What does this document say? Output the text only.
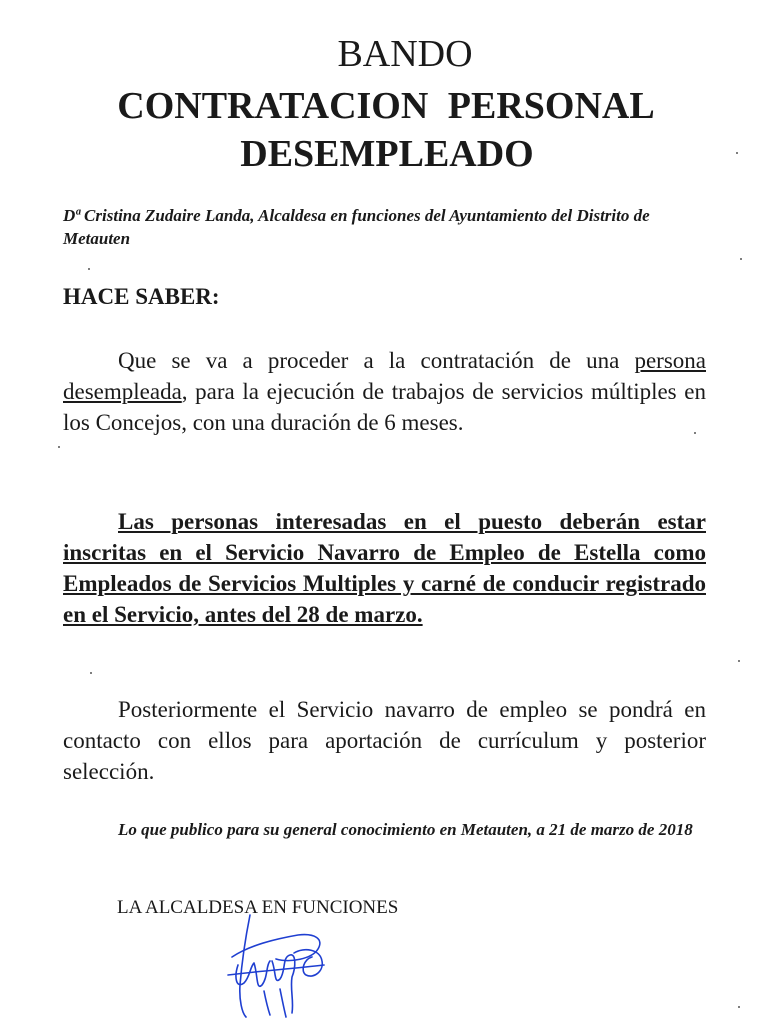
BANDO
CONTRATACION PERSONAL
DESEMPLEADO

Dª Cristina Zudaire Landa, Alcaldesa en funciones del Ayuntamiento del Distrito de Metauten

HACE SABER:

Que se va a proceder a la contratación de una persona desempleada, para la ejecución de trabajos de servicios múltiples en los Concejos, con una duración de 6 meses.

Las personas interesadas en el puesto deberán estar inscritas en el Servicio Navarro de Empleo de Estella como Empleados de Servicios Multiples y carné de conducir registrado en el Servicio, antes del 28 de marzo.

Posteriormente el Servicio navarro de empleo se pondrá en contacto con ellos para aportación de currículum y posterior selección.

Lo que publico para su general conocimiento en Metauten, a 21 de marzo de 2018

LA ALCALDESA EN FUNCIONES
